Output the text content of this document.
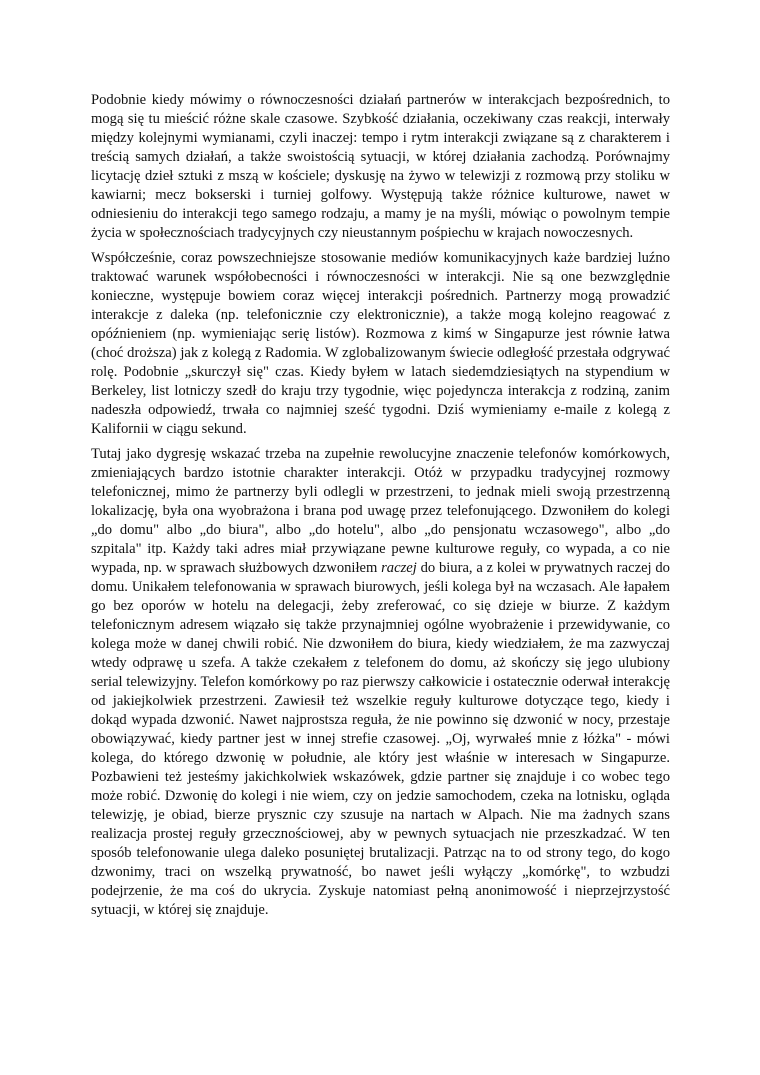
Podobnie kiedy mówimy o równoczesności działań partnerów w interakcjach bezpośrednich, to mogą się tu mieścić różne skale czasowe. Szybkość działania, oczekiwany czas reakcji, interwały między kolejnymi wymianami, czyli inaczej: tempo i rytm interakcji związane są z charakterem i treścią samych działań, a także swoistością sytuacji, w której działania zachodzą. Porównajmy licytację dzieł sztuki z mszą w kościele; dyskusję na żywo w telewizji z rozmową przy stoliku w kawiarni; mecz bokserski i turniej golfowy. Występują także różnice kulturowe, nawet w odniesieniu do interakcji tego samego rodzaju, a mamy je na myśli, mówiąc o powolnym tempie życia w społecznościach tradycyjnych czy nieustannym pośpiechu w krajach nowoczesnych.

Współcześnie, coraz powszechniejsze stosowanie mediów komunikacyjnych każe bardziej luźno traktować warunek współobecności i równoczesności w interakcji. Nie są one bezwzględnie konieczne, występuje bowiem coraz więcej interakcji pośrednich. Partnerzy mogą prowadzić interakcje z daleka (np. telefonicznie czy elektronicznie), a także mogą kolejno reagować z opóźnieniem (np. wymieniając serię listów). Rozmowa z kimś w Singapurze jest równie łatwa (choć droższa) jak z kolegą z Radomia. W zglobalizowanym świecie odległość przestała odgrywać rolę. Podobnie „skurczył się" czas. Kiedy byłem w latach siedemdziesiątych na stypendium w Berkeley, list lotniczy szedł do kraju trzy tygodnie, więc pojedyncza interakcja z rodziną, zanim nadeszła odpowiedź, trwała co najmniej sześć tygodni. Dziś wymieniamy e-maile z kolegą z Kalifornii w ciągu sekund.

Tutaj jako dygresję wskazać trzeba na zupełnie rewolucyjne znaczenie telefonów komórkowych, zmieniających bardzo istotnie charakter interakcji. Otóż w przypadku tradycyjnej rozmowy telefonicznej, mimo że partnerzy byli odlegli w przestrzeni, to jednak mieli swoją przestrzenną lokalizację, była ona wyobrażona i brana pod uwagę przez telefonującego. Dzwoniłem do kolegi „do domu" albo „do biura", albo „do hotelu", albo „do pensjonatu wczasowego", albo „do szpitala" itp. Każdy taki adres miał przywiązane pewne kulturowe reguły, co wypada, a co nie wypada, np. w sprawach służbowych dzwoniłem raczej do biura, a z kolei w prywatnych raczej do domu. Unikałem telefonowania w sprawach biurowych, jeśli kolega był na wczasach. Ale łapałem go bez oporów w hotelu na delegacji, żeby zreferować, co się dzieje w biurze. Z każdym telefonicznym adresem wiązało się także przynajmniej ogólne wyobrażenie i przewidywanie, co kolega może w danej chwili robić. Nie dzwoniłem do biura, kiedy wiedziałem, że ma zazwyczaj wtedy odprawę u szefa. A także czekałem z telefonem do domu, aż skończy się jego ulubiony serial telewizyjny. Telefon komórkowy po raz pierwszy całkowicie i ostatecznie oderwał interakcję od jakiejkolwiek przestrzeni. Zawiesił też wszelkie reguły kulturowe dotyczące tego, kiedy i dokąd wypada dzwonić. Nawet najprostsza reguła, że nie powinno się dzwonić w nocy, przestaje obowiązywać, kiedy partner jest w innej strefie czasowej. „Oj, wyrwałeś mnie z łóżka" - mówi kolega, do którego dzwonię w południe, ale który jest właśnie w interesach w Singapurze. Pozbawieni też jesteśmy jakichkolwiek wskazówek, gdzie partner się znajduje i co wobec tego może robić. Dzwonię do kolegi i nie wiem, czy on jedzie samochodem, czeka na lotnisku, ogląda telewizję, je obiad, bierze prysznic czy szusuje na nartach w Alpach. Nie ma żadnych szans realizacja prostej reguły grzecznościowej, aby w pewnych sytuacjach nie przeszkadzać. W ten sposób telefonowanie ulega daleko posuniętej brutalizacji. Patrząc na to od strony tego, do kogo dzwonimy, traci on wszelką prywatność, bo nawet jeśli wyłączy „komórkę", to wzbudzi podejrzenie, że ma coś do ukrycia. Zyskuje natomiast pełną anonimowość i nieprzejrzystość sytuacji, w której się znajduje.
